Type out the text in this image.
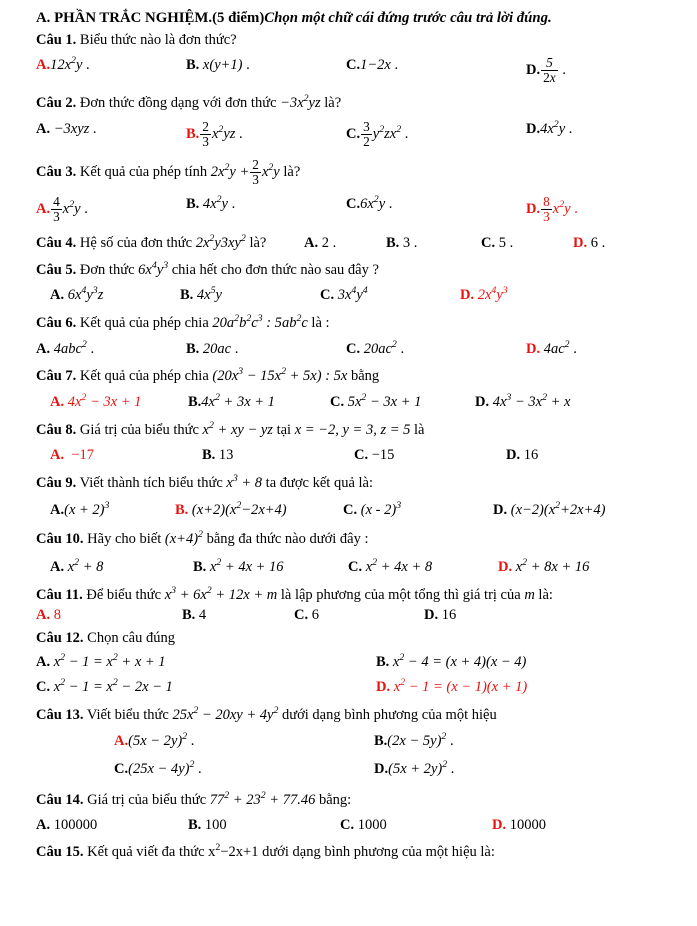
A. PHẦN TRẮC NGHIỆM.(5 điểm)Chọn một chữ cái đứng trước câu trả lời đúng.
Câu 1. Biểu thức nào là đơn thức?
$A.12x^2y$ .	B. x(y+1) .	C.1−2x .	D. $\frac{5}{2x}$ .
Câu 2. Đơn thức đồng dạng với đơn thức $-3x^2yz$ là?
A. −3xyz .	B. $\frac{2}{3} x^2yz$ .	C. $\frac{3}{2} y^2zx^2$ .	$D.4x^2y$ .
Câu 3. Kết quả của phép tính $2x^2y + \frac{2}{3} x^2y$ là?
A. $\frac{4}{3} x^2y$ .	B. $4x^2y$ .	$C.6x^2y$ .	D. $\frac{8}{3} x^2y$ .
Câu 4. Hệ số của đơn thức $2x^2y3xy^2$ là?	A. 2 .	B. 3 .	C. 5 .	D. 6 .
Câu 5. Đơn thức $6x^4y^3$ chia hết cho đơn thức nào sau đây ?
A. $6x^4y^3z$	B. $4x^5y$	C. $3x^4y^4$	D. $2x^4y^3$
Câu 6. Kết quả của phép chia $20a^2b^2c^3$ : $5ab^2c$ là :
A. 4abc$^2$ .	B. 20ac .	C. $20ac^2$ .	D. $4ac^2$ .
Câu 7. Kết quả của phép chia $(20x^3 - 15x^2 + 5x)$ : 5x bằng
A. $4x^2 - 3x + 1$	$B.4x^2 + 3x + 1$	C. $5x^2 - 3x + 1$	D. $4x^3 - 3x^2 + x$
Câu 8. Giá trị của biểu thức $x^2$ + xy − yz tại x = −2, y = 3, z = 5 là
A.  −17	B. 13	C. −15	D. 16
Câu 9. Viết thành tích biểu thức $x^3 + 8$ ta được kết quả là:
$A.(x + 2)^3$	B. $(x+2)(x^2-2x+4)$	C. (x - 2)$^3$	D. $(x-2)(x^2+2x+4)$
Câu 10. Hãy cho biết $(x+4)^2$ bằng đa thức nào dưới đây :
A. $x^2 + 8$	B. $x^2 + 4x + 16$	C. $x^2 + 4x + 8$	D. $x^2 + 8x + 16$
Câu 11. Để biểu thức $x^3 + 6x^2 + 12x + m$ là lập phương của một tổng thì giá trị của m là:
A. 8	B. 4	C. 6	D. 16
Câu 12. Chọn câu đúng
A. $x^2 - 1 = x^2 + x + 1$	B. $x^2 - 4 = (x + 4)(x - 4)$
C. $x^2 - 1 = x^2 - 2x - 1$	D. $x^2 - 1 = (x - 1)(x + 1)$
Câu 13. Viết biểu thức $25x^2 - 20xy + 4y^2$ dưới dạng bình phương của một hiệu
$A.(5x - 2y)^2$ .	$B.(2x - 5y)^2$ .
$C.(25x - 4y)^2$ .	$D.(5x + 2y)^2$ .
Câu 14. Giá trị của biểu thức $77^2 + 23^2 + 77.46$ bằng:
A. 100000	B. 100	C. 1000	D. 10000
Câu 15. Kết quả viết đa thức $x^2-2x+1$ dưới dạng bình phương của một hiệu là:
